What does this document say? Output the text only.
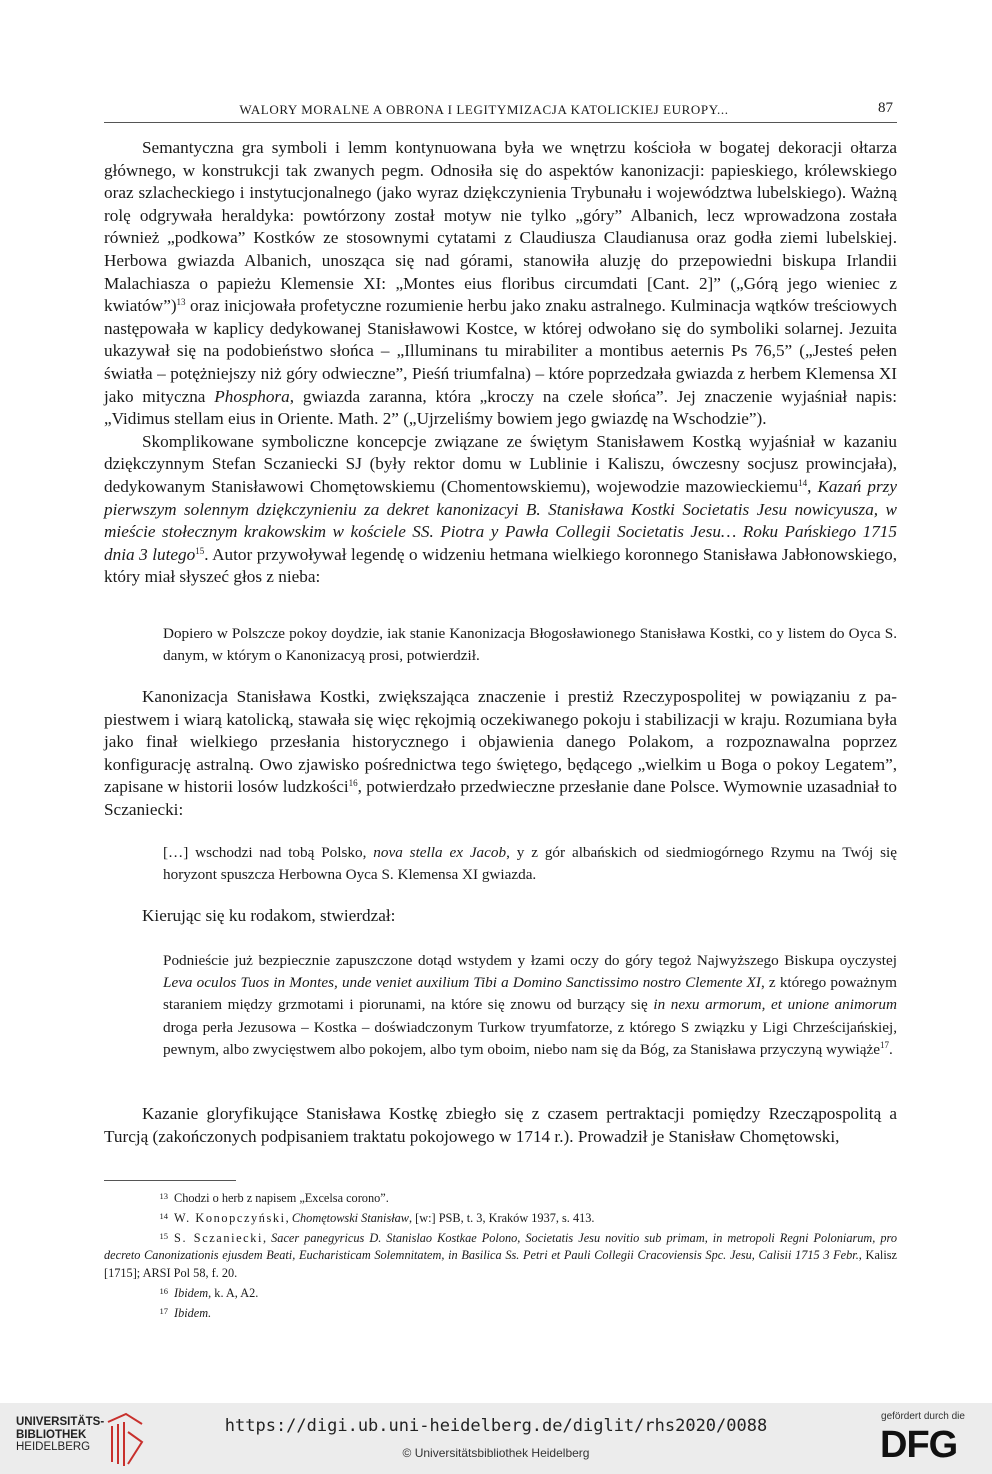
WALORY MORALNE A OBRONA I LEGITYMIZACJA KATOLICKIEJ EUROPY...	87

Semantyczna gra symboli i lemm kontynuowana była we wnętrzu kościoła w bogatej dekoracji ołtarza głównego, w konstrukcji tak zwanych pegm. Odnosiła się do aspektów kanonizacji: papieskiego, królewskiego oraz szlacheckiego i instytucjonalnego (jako wyraz dziękczynienia Trybunału i województwa lubelskiego). Ważną rolę odgrywała heraldyka: powtórzony został motyw nie tylko „góry” Albanich, lecz wprowadzona została również „podkowa” Kostków ze stosownymi cytatami z Claudiusza Claudianusa oraz godła ziemi lubelskiej. Herbowa gwiazda Albanich, unosząca się nad górami, stanowiła aluzję do przepowiedni biskupa Irlandii Malachiasza o papieżu Klemensie XI: „Montes eius floribus circumdati [Cant. 2]” („Górą jego wieniec z kwiatów”)$^{13}$ oraz inicjowała profetyczne rozumienie herbu jako znaku astralnego. Kulminacja wątków treściowych następowała w kaplicy dedykowanej Stanisławowi Kostce, w której odwołano się do symboliki solarnej. Jezuita ukazywał się na podobieństwo słońca – „Illuminans tu mirabiliter a montibus aeternis Ps 76,5” („Jesteś pełen światła – potężniejszy niż góry odwieczne”, Pieśń triumfalna) – które poprzedzała gwiazda z herbem Klemensa XI jako mityczna Phosphora, gwiazda zaranna, która „kroczy na czele słońca”. Jej znaczenie wyjaśniał napis: „Vidimus stellam eius in Oriente. Math. 2” („Ujrzeliśmy bowiem jego gwiazdę na Wschodzie”).

Skomplikowane symboliczne koncepcje związane ze świętym Stanisławem Kostką wyjaśniał w kazaniu dziękczynnym Stefan Sczaniecki SJ (były rektor domu w Lublinie i Kaliszu, ówczesny socjusz prowincjała), dedykowanym Stanisławowi Chomętowskiemu (Chomentowskiemu), wojewodzie mazowieckiemu$^{14}$, Kazań przy pierwszym solennym dziękczynieniu za dekret kanonizacyi B. Stanisława Kostki Societatis Jesu nowicyusza, w mieście stołecznym krakowskim w kościele SS. Piotra y Pawła Collegii Societatis Jesu… Roku Pańskiego 1715 dnia 3 lutego$^{15}$. Autor przywoływał legendę o widzeniu hetmana wielkiego koronnego Stanisława Jabłonowskiego, który miał słyszeć głos z nieba:

Dopiero w Polszcze pokoy doydzie, iak stanie Kanonizacja Błogosławionego Stanisława Kostki, co y listem do Oyca S. danym, w którym o Kanonizacyą prosi, potwierdził.

Kanonizacja Stanisława Kostki, zwiększająca znaczenie i prestiż Rzeczypospolitej w powiązaniu z papiestwem i wiarą katolicką, stawała się więc rękojmią oczekiwanego pokoju i stabilizacji w kraju. Rozumiana była jako finał wielkiego przesłania historycznego i objawienia danego Polakom, a rozpoznawalna poprzez konfigurację astralną. Owo zjawisko pośrednictwa tego świętego, będącego „wielkim u Boga o pokoy Legatem”, zapisane w historii losów ludzkości$^{16}$, potwierdzało przedwieczne przesłanie dane Polsce. Wymownie uzasadniał to Sczaniecki:

[…] wschodzi nad tobą Polsko, nova stella ex Jacob, y z gór albańskich od siedmiogórnego Rzymu na Twój się horyzont spuszcza Herbowna Oyca S. Klemensa XI gwiazda.

Kierując się ku rodakom, stwierdzał:

Podnieście już bezpiecznie zapuszczone dotąd wstydem y łzami oczy do góry tegoż Najwyższego Biskupa oyczystej Leva oculos Tuos in Montes, unde veniet auxilium Tibi a Domino Sanctissimo nostro Clemente XI, z którego poważnym staraniem między grzmotami i piorunami, na które się znowu od burzący się in nexu armorum, et unione animorum droga perła Jezusowa – Kostka – doświadczonym Turkow tryumfatorze, z którego S związku y Ligi Chrześcijańskiej, pewnym, albo zwycięstwem albo pokojem, albo tym oboim, niebo nam się da Bóg, za Stanisława przyczyną wywiąże$^{17}$.

Kazanie gloryfikujące Stanisława Kostkę zbiegło się z czasem pertraktacji pomiędzy Rzecząpospolitą a Turcją (zakończonych podpisaniem traktatu pokojowego w 1714 r.). Prowadził je Stanisław Chomętowski,

13 Chodzi o herb z napisem „Excelsa corono”.

14 W. Konopczyński, Chomętowski Stanisław, [w:] PSB, t. 3, Kraków 1937, s. 413.

15 S. Sczaniecki, Sacer panegyricus D. Stanislao Kostkae Polono, Societatis Jesu novitio sub primam, in metropoli Regni Poloniarum, pro decreto Canonizationis ejusdem Beati, Eucharisticam Solemnitatem, in Basilica Ss. Petri et Pauli Collegii Cracoviensis Spc. Jesu, Calisii 1715 3 Febr., Kalisz [1715]; ARSI Pol 58, f. 20.

16 Ibidem, k. A, A2.

17 Ibidem.

UNIVERSITÄTS-
BIBLIOTHEK
HEIDELBERG
https://digi.ub.uni-heidelberg.de/diglit/rhs2020/0088
© Universitätsbibliothek Heidelberg
gefördert durch die
DFG
